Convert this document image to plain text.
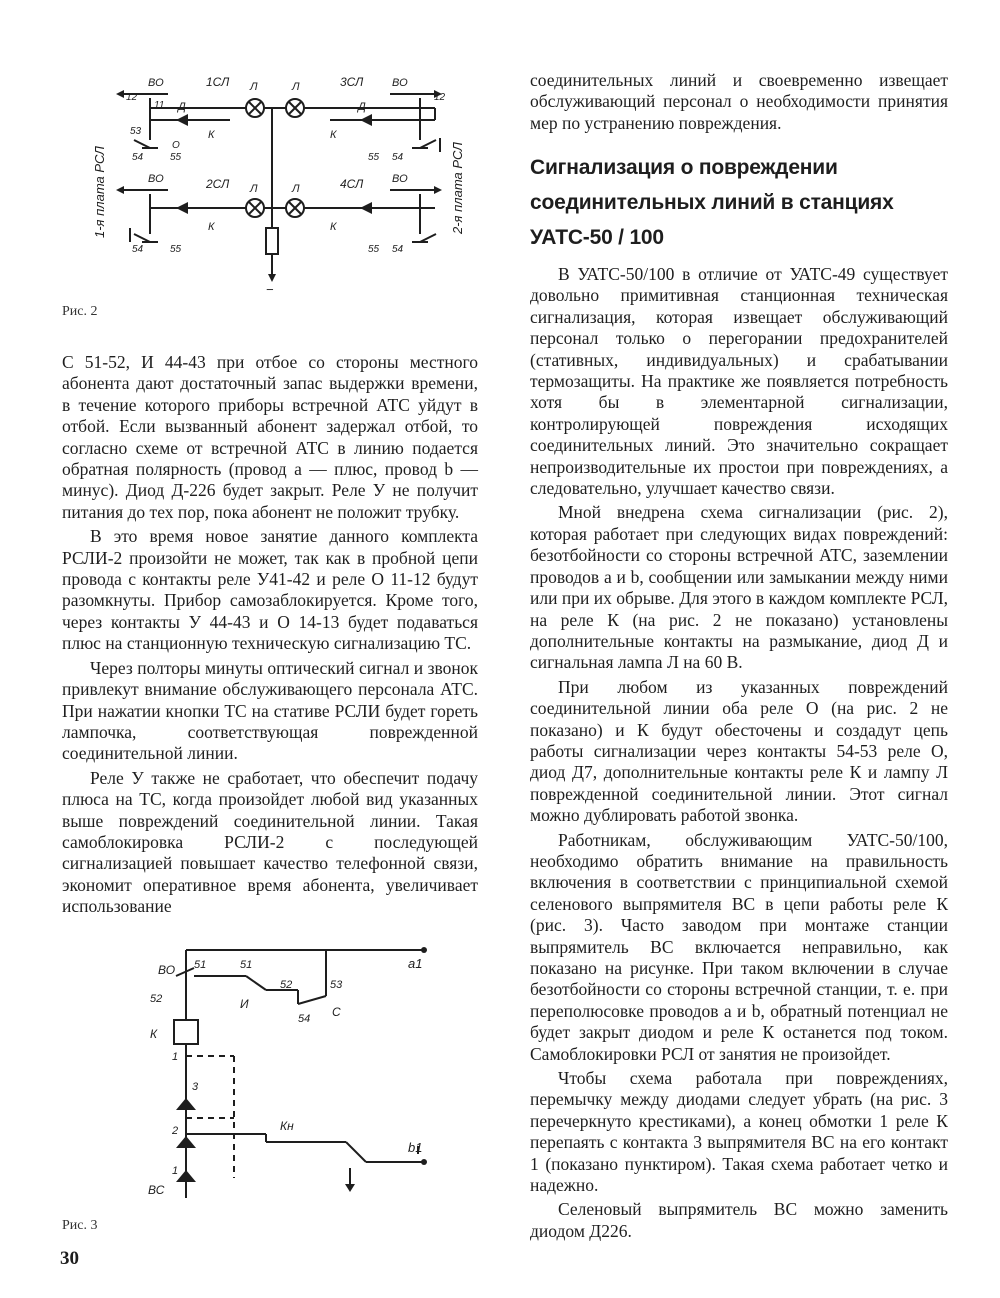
1СЛ
2СЛ
3СЛ
4СЛ
ВО
ВО
ВО
ВО
Л	Л
Л	Л
Д	Д
К	К
К	К
11
12	12
53
54	55
О
55 54
54	55	55 54
−
1-я плата РСЛ	2-я плата РСЛ
Рис. 2

С 51-52, И 44-43 при отбое со стороны местного абонента дают достаточный запас выдержки времени, в течение которого приборы встречной АТС уйдут в отбой. Если вызванный абонент задержал отбой, то согласно схеме от встречной АТС в линию подается обратная полярность (провод а — плюс, провод b — минус). Диод Д-226 будет закрыт. Реле У не получит питания до тех пор, пока абонент не положит трубку.

В это время новое занятие данного комплекта РСЛИ-2 произойти не может, так как в пробной цепи провода с контакты реле У41-42 и реле О 11-12 будут разомкнуты. Прибор самозаблокируется. Кроме того, через контакты У 44-43 и О 14-13 будет подаваться плюс на станционную техническую сигнализацию ТС.

Через полторы минуты оптический сигнал и звонок привлекут внимание обслуживающего персонала АТС. При нажатии кнопки ТС на стативе РСЛИ будет гореть лампочка, соответствующая поврежденной соединительной линии.

Реле У также не сработает, что обеспечит подачу плюса на ТС, когда произойдет любой вид указанных выше повреждений соединительной линии. Такая самоблокировка РСЛИ-2 с последующей сигнализацией повышает качество телефонной связи, экономит оперативное время абонента, увеличивает использование

ВО 51	51
52
52	53
54
И
С
К
1
3
2
1
ВС
Кн
а1
b1
Рис. 3
30

соединительных линий и своевременно извещает обслуживающий персонал о необходимости принятия мер по устранению повреждения.

Сигнализация о повреждении
соединительных линий в станциях
УАТС-50 / 100

В УАТС-50/100 в отличие от УАТС-49 существует довольно примитивная станционная техническая сигнализация, которая извещает обслуживающий персонал только о перегорании предохранителей (стативных, индивидуальных) и срабатывании термозащиты. На практике же появляется потребность хотя бы в элементарной сигнализации, контролирующей повреждения исходящих соединительных линий. Это значительно сокращает непроизводительные их простои при повреждениях, а следовательно, улучшает качество связи.

Мной внедрена схема сигнализации (рис. 2), которая работает при следующих видах повреждений: безотбойности со стороны встречной АТС, заземлении проводов а и b, сообщении или замыкании между ними или при их обрыве. Для этого в каждом комплекте РСЛ, на реле К (на рис. 2 не показано) установлены дополнительные контакты на размыкание, диод Д и сигнальная лампа Л на 60 В.

При любом из указанных повреждений соединительной линии оба реле О (на рис. 2 не показано) и К будут обесточены и создадут цепь работы сигнализации через контакты 54-53 реле О, диод Д7, дополнительные контакты реле К и лампу Л поврежденной соединительной линии. Этот сигнал можно дублировать работой звонка.

Работникам, обслуживающим УАТС-50/100, необходимо обратить внимание на правильность включения в соответствии с принципиальной схемой селенового выпрямителя ВС в цепи работы реле К (рис. 3). Часто заводом при монтаже станции выпрямитель ВС включается неправильно, как показано на рисунке. При таком включении в случае безотбойности со стороны встречной станции, т. е. при переполюсовке проводов а и b, обратный потенциал не будет закрыт диодом и реле К останется под током. Самоблокировки РСЛ от занятия не произойдет.

Чтобы схема работала при повреждениях, перемычку между диодами следует убрать (на рис. 3 перечеркнуто крестиками), а конец обмотки 1 реле К перепаять с контакта 3 выпрямителя ВС на его контакт 1 (показано пунктиром). Такая схема работает четко и надежно.

Селеновый выпрямитель ВС можно заменить диодом Д226.
